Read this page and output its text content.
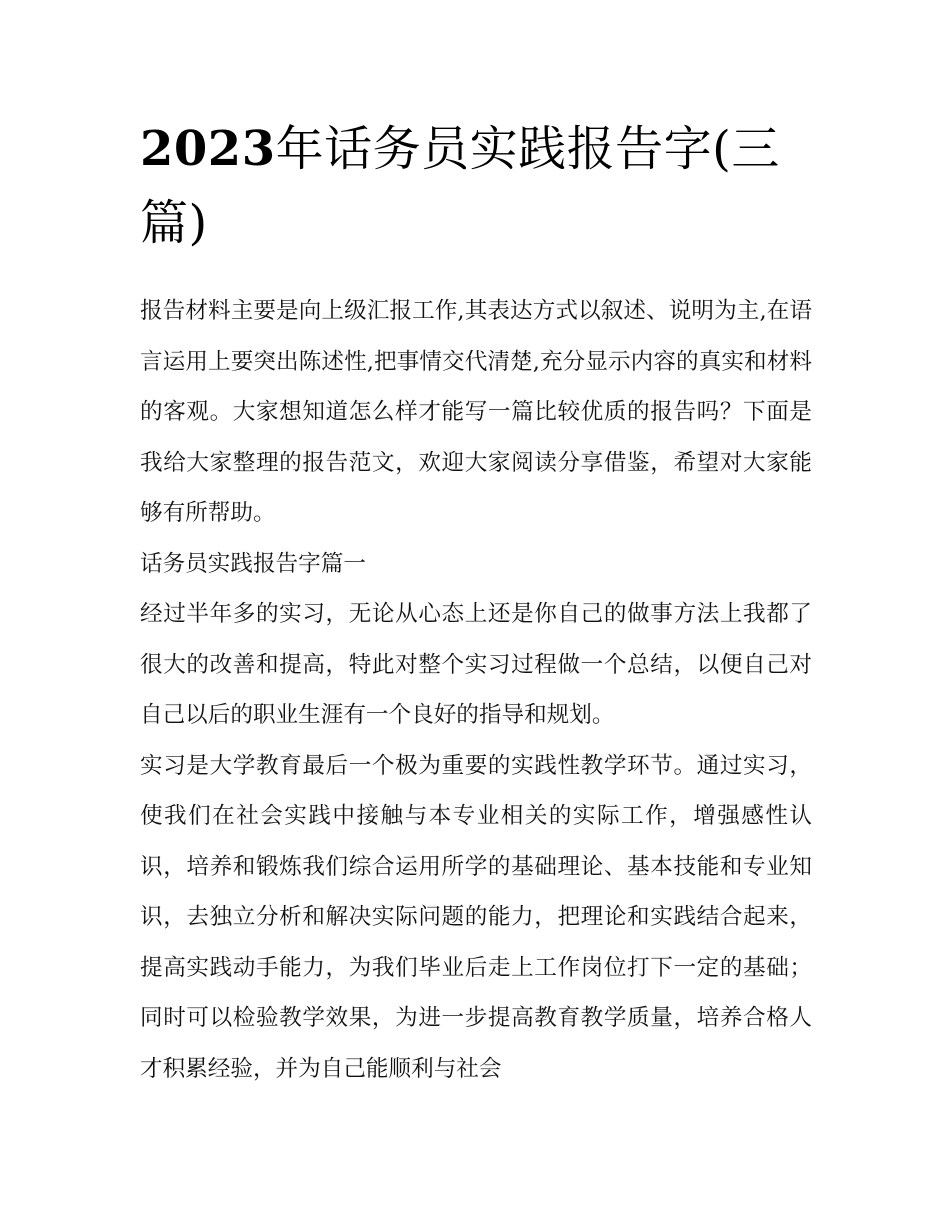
2023年话务员实践报告字(三篇)

报告材料主要是向上级汇报工作,其表达方式以叙述、说明为主,在语言运用上要突出陈述性,把事情交代清楚,充分显示内容的真实和材料的客观。大家想知道怎么样才能写一篇比较优质的报告吗？下面是我给大家整理的报告范文，欢迎大家阅读分享借鉴，希望对大家能够有所帮助。

话务员实践报告字篇一

经过半年多的实习，无论从心态上还是你自己的做事方法上我都了很大的改善和提高，特此对整个实习过程做一个总结，以便自己对自己以后的职业生涯有一个良好的指导和规划。

实习是大学教育最后一个极为重要的实践性教学环节。通过实习，使我们在社会实践中接触与本专业相关的实际工作，增强感性认识，培养和锻炼我们综合运用所学的基础理论、基本技能和专业知识，去独立分析和解决实际问题的能力，把理论和实践结合起来，提高实践动手能力，为我们毕业后走上工作岗位打下一定的基础；同时可以检验教学效果，为进一步提高教育教学质量，培养合格人才积累经验，并为自己能顺利与社会
